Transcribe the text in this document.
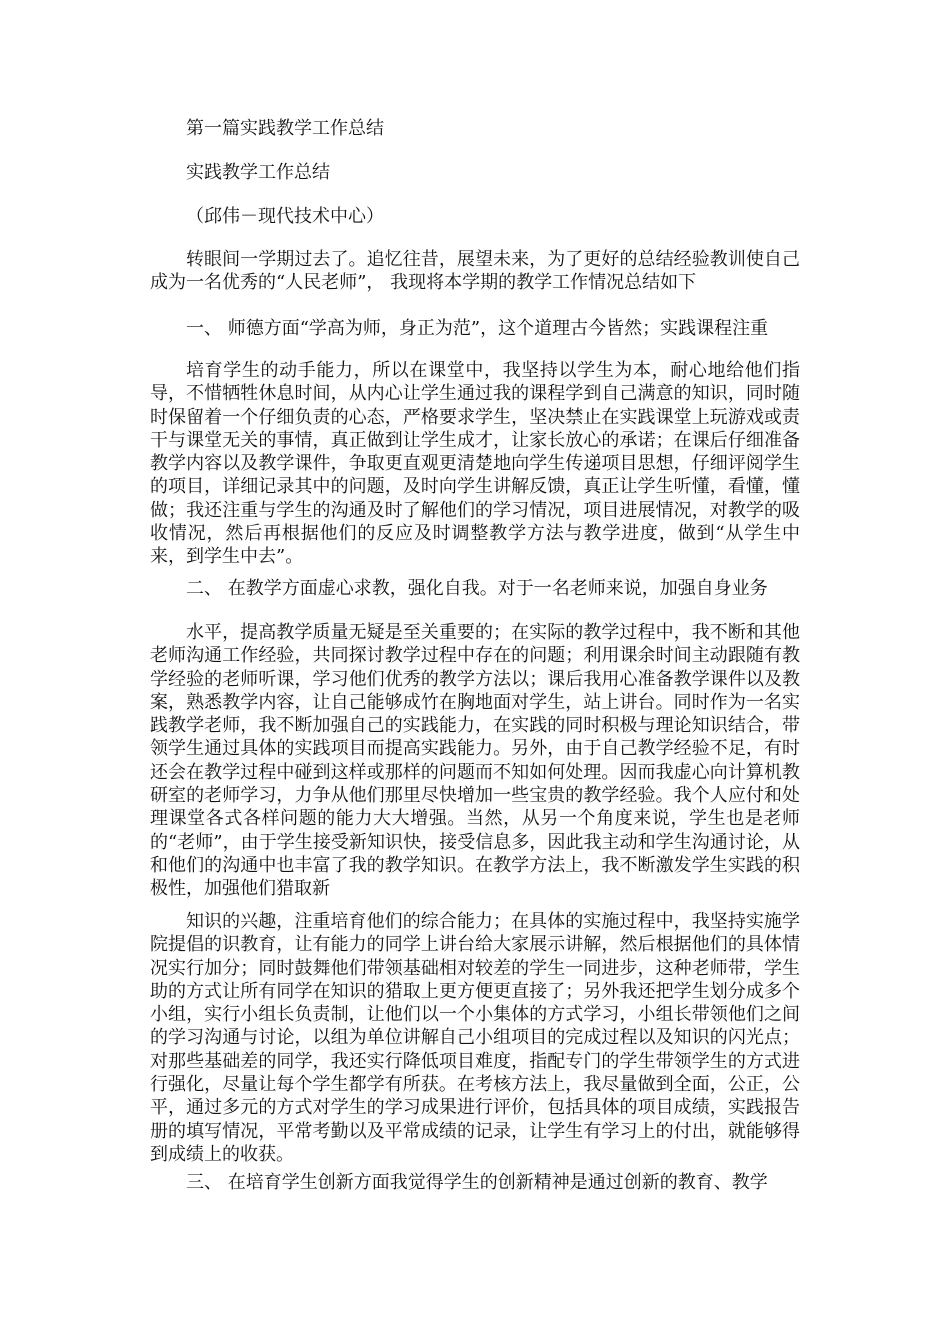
第一篇实践教学工作总结
实践教学工作总结
（邱伟－现代技术中心）
转眼间一学期过去了。追忆往昔，展望未来，为了更好的总结经验教训使自己成为一名优秀的“人民老师”， 我现将本学期的教学工作情况总结如下
一、 师德方面“学高为师，身正为范”，这个道理古今皆然；实践课程注重
培育学生的动手能力，所以在课堂中，我坚持以学生为本，耐心地给他们指导，不惜牺牲休息时间，从内心让学生通过我的课程学到自己满意的知识，同时随时保留着一个仔细负责的心态，严格要求学生，坚决禁止在实践课堂上玩游戏或责干与课堂无关的事情，真正做到让学生成才，让家长放心的承诺；在课后仔细准备教学内容以及教学课件，争取更直观更清楚地向学生传递项目思想，仔细评阅学生的项目，详细记录其中的问题，及时向学生讲解反馈，真正让学生听懂，看懂，懂做；我还注重与学生的沟通及时了解他们的学习情况，项目进展情况，对教学的吸收情况，然后再根据他们的反应及时调整教学方法与教学进度，做到“从学生中来，到学生中去”。
二、 在教学方面虚心求教，强化自我。对于一名老师来说，加强自身业务
水平，提高教学质量无疑是至关重要的；在实际的教学过程中，我不断和其他老师沟通工作经验，共同探讨教学过程中存在的问题；利用课余时间主动跟随有教学经验的老师听课，学习他们优秀的教学方法以；课后我用心准备教学课件以及教案，熟悉教学内容，让自己能够成竹在胸地面对学生，站上讲台。同时作为一名实践教学老师，我不断加强自己的实践能力，在实践的同时积极与理论知识结合，带领学生通过具体的实践项目而提高实践能力。另外，由于自己教学经验不足，有时还会在教学过程中碰到这样或那样的问题而不知如何处理。因而我虚心向计算机教研室的老师学习，力争从他们那里尽快增加一些宝贵的教学经验。我个人应付和处理课堂各式各样问题的能力大大增强。当然，从另一个角度来说，学生也是老师的“老师”，由于学生接受新知识快，接受信息多，因此我主动和学生沟通讨论，从和他们的沟通中也丰富了我的教学知识。在教学方法上，我不断激发学生实践的积极性，加强他们猎取新
知识的兴趣，注重培育他们的综合能力；在具体的实施过程中，我坚持实施学院提倡的识教育，让有能力的同学上讲台给大家展示讲解，然后根据他们的具体情况实行加分；同时鼓舞他们带领基础相对较差的学生一同进步，这种老师带，学生助的方式让所有同学在知识的猎取上更方便更直接了；另外我还把学生划分成多个小组，实行小组长负责制，让他们以一个小集体的方式学习，小组长带领他们之间的学习沟通与讨论，以组为单位讲解自己小组项目的完成过程以及知识的闪光点；对那些基础差的同学，我还实行降低项目难度，指配专门的学生带领学生的方式进行强化，尽量让每个学生都学有所获。在考核方法上，我尽量做到全面，公正，公平，通过多元的方式对学生的学习成果进行评价，包括具体的项目成绩，实践报告册的填写情况，平常考勤以及平常成绩的记录，让学生有学习上的付出，就能够得到成绩上的收获。
三、 在培育学生创新方面我觉得学生的创新精神是通过创新的教育、教学
